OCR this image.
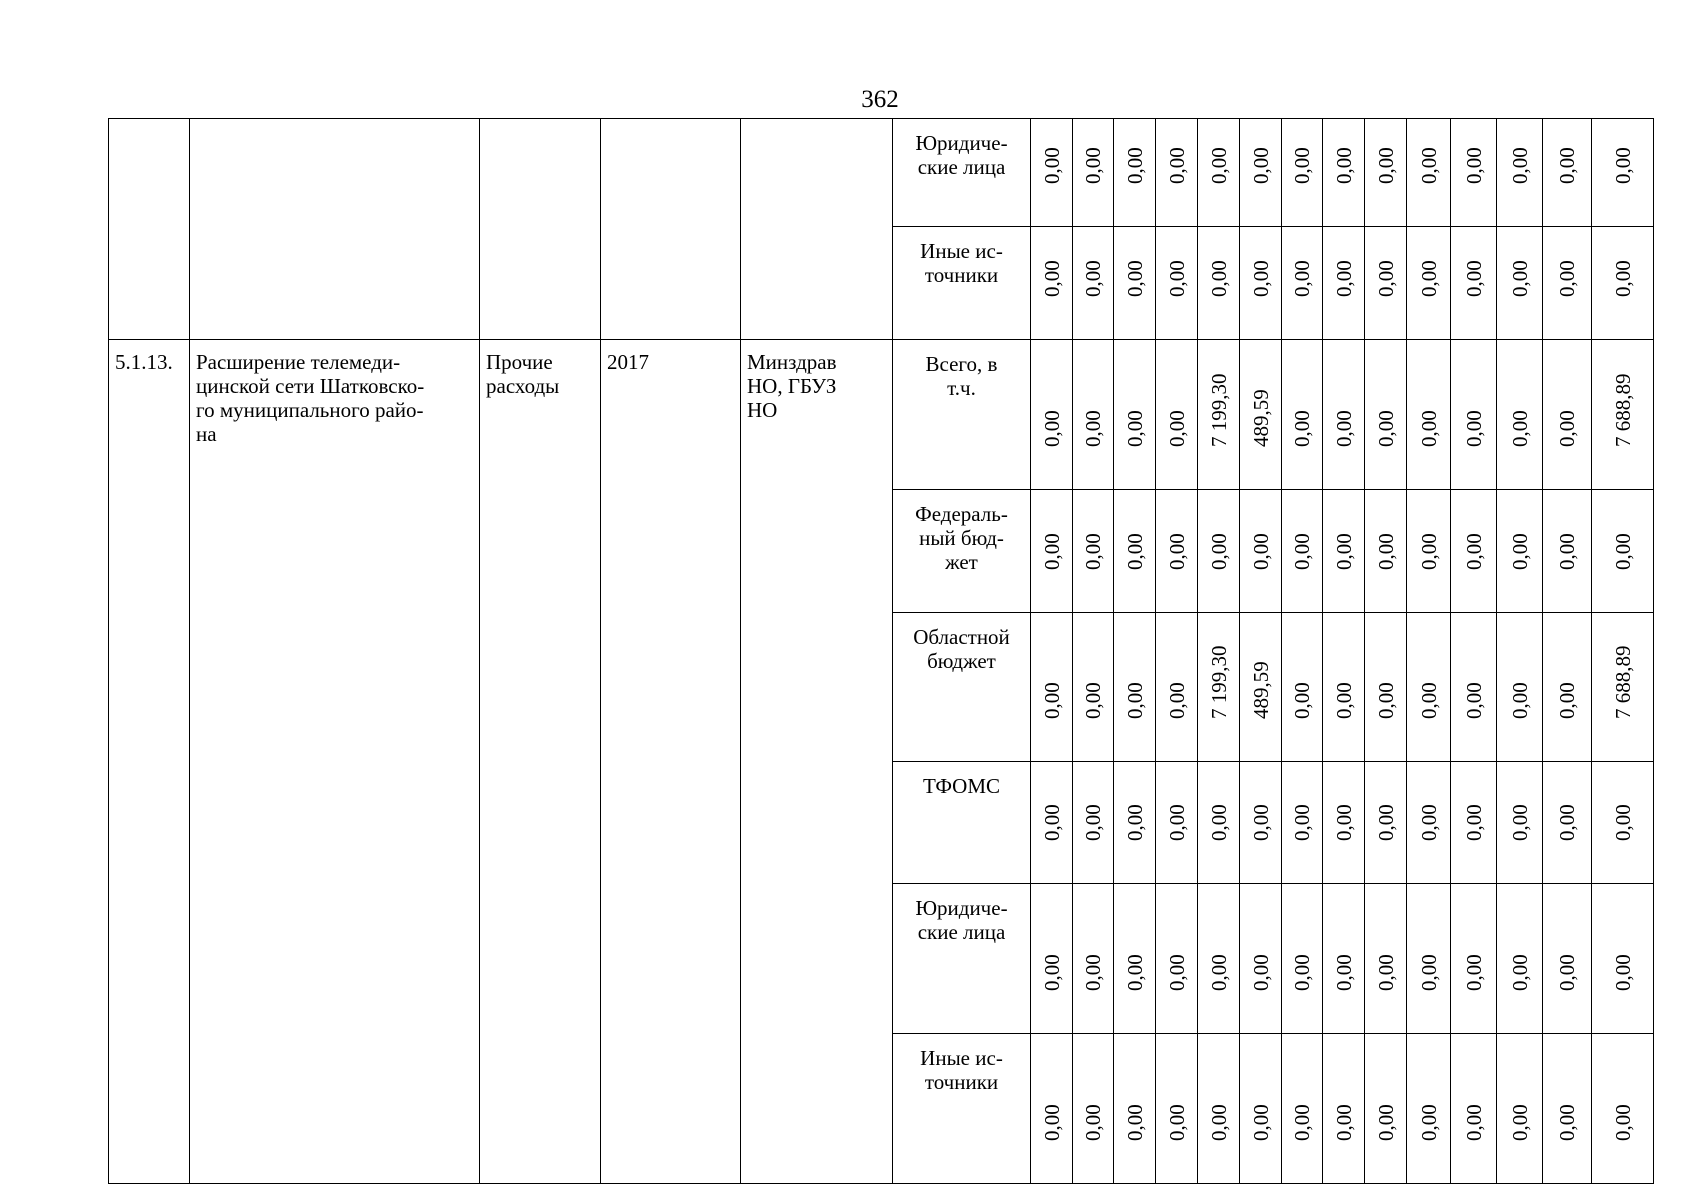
362
					Юридиче-
ские лица	0,00	0,00	0,00	0,00	0,00	0,00	0,00	0,00	0,00	0,00	0,00	0,00	0,00	0,00

					Иные ис-
точники	0,00	0,00	0,00	0,00	0,00	0,00	0,00	0,00	0,00	0,00	0,00	0,00	0,00	0,00

5.1.13.	Расширение телемеди-
цинской сети Шатковско-
го муниципального райо-
на	Прочие
расходы	2017	Минздрав
НО, ГБУЗ
НО	Всего, в
т.ч.	0,00	0,00	0,00	0,00	7 199,30	489,59	0,00	0,00	0,00	0,00	0,00	0,00	0,00	7 688,89

					Федераль-
ный бюд-
жет	0,00	0,00	0,00	0,00	0,00	0,00	0,00	0,00	0,00	0,00	0,00	0,00	0,00	0,00

					Областной
бюджет	0,00	0,00	0,00	0,00	7 199,30	489,59	0,00	0,00	0,00	0,00	0,00	0,00	0,00	7 688,89

					ТФОМС	0,00	0,00	0,00	0,00	0,00	0,00	0,00	0,00	0,00	0,00	0,00	0,00	0,00	0,00

					Юридиче-
ские лица	0,00	0,00	0,00	0,00	0,00	0,00	0,00	0,00	0,00	0,00	0,00	0,00	0,00	0,00

					Иные ис-
точники	0,00	0,00	0,00	0,00	0,00	0,00	0,00	0,00	0,00	0,00	0,00	0,00	0,00	0,00
